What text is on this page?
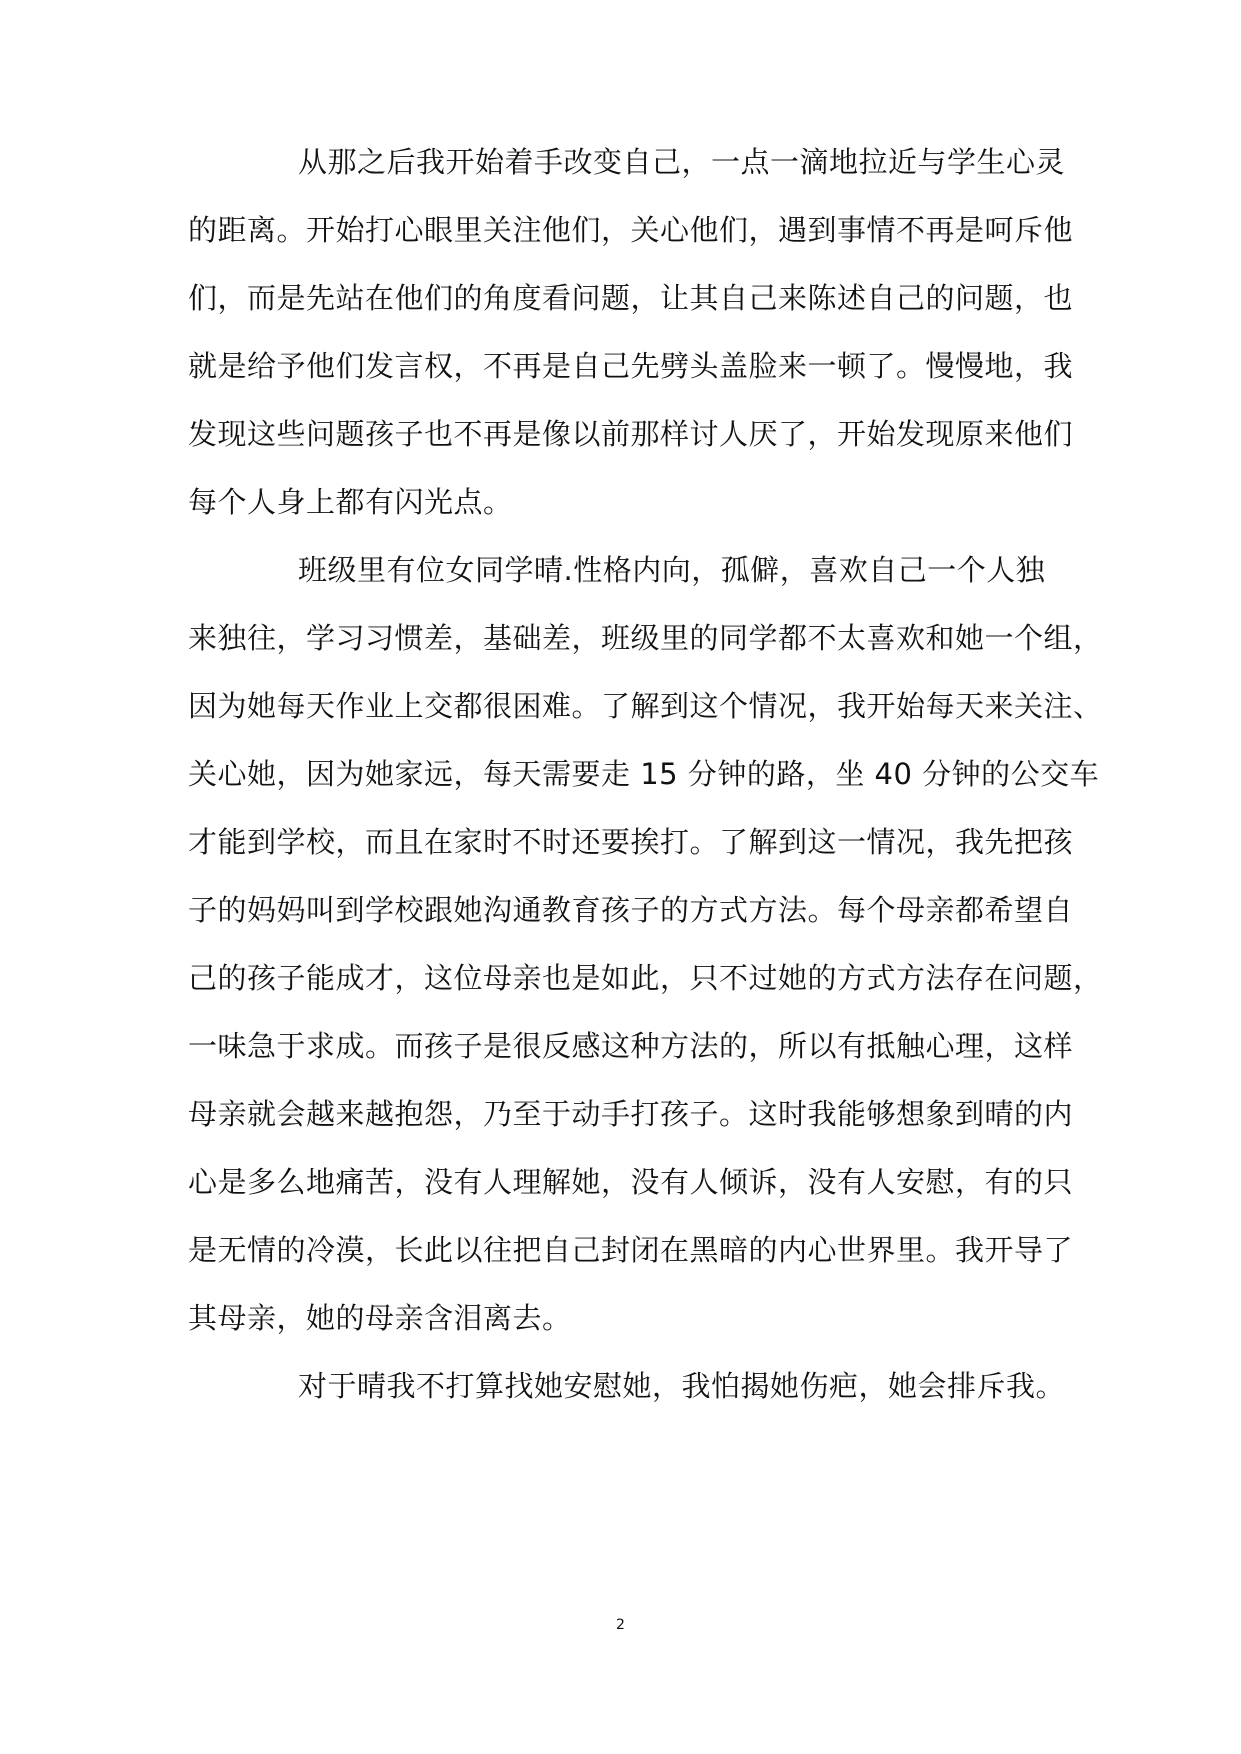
从那之后我开始着手改变自己，一点一滴地拉近与学生心灵
的距离。开始打心眼里关注他们，关心他们，遇到事情不再是呵斥他
们，而是先站在他们的角度看问题，让其自己来陈述自己的问题，也
就是给予他们发言权，不再是自己先劈头盖脸来一顿了。慢慢地，我
发现这些问题孩子也不再是像以前那样讨人厌了，开始发现原来他们
每个人身上都有闪光点。
班级里有位女同学晴.性格内向，孤僻，喜欢自己一个人独
来独往，学习习惯差，基础差，班级里的同学都不太喜欢和她一个组，
因为她每天作业上交都很困难。了解到这个情况，我开始每天来关注、
关心她，因为她家远，每天需要走 15 分钟的路，坐 40 分钟的公交车
才能到学校，而且在家时不时还要挨打。了解到这一情况，我先把孩
子的妈妈叫到学校跟她沟通教育孩子的方式方法。每个母亲都希望自
己的孩子能成才，这位母亲也是如此，只不过她的方式方法存在问题，
一味急于求成。而孩子是很反感这种方法的，所以有抵触心理，这样
母亲就会越来越抱怨，乃至于动手打孩子。这时我能够想象到晴的内
心是多么地痛苦，没有人理解她，没有人倾诉，没有人安慰，有的只
是无情的冷漠，长此以往把自己封闭在黑暗的内心世界里。我开导了
其母亲，她的母亲含泪离去。
对于晴我不打算找她安慰她，我怕揭她伤疤，她会排斥我。
2
